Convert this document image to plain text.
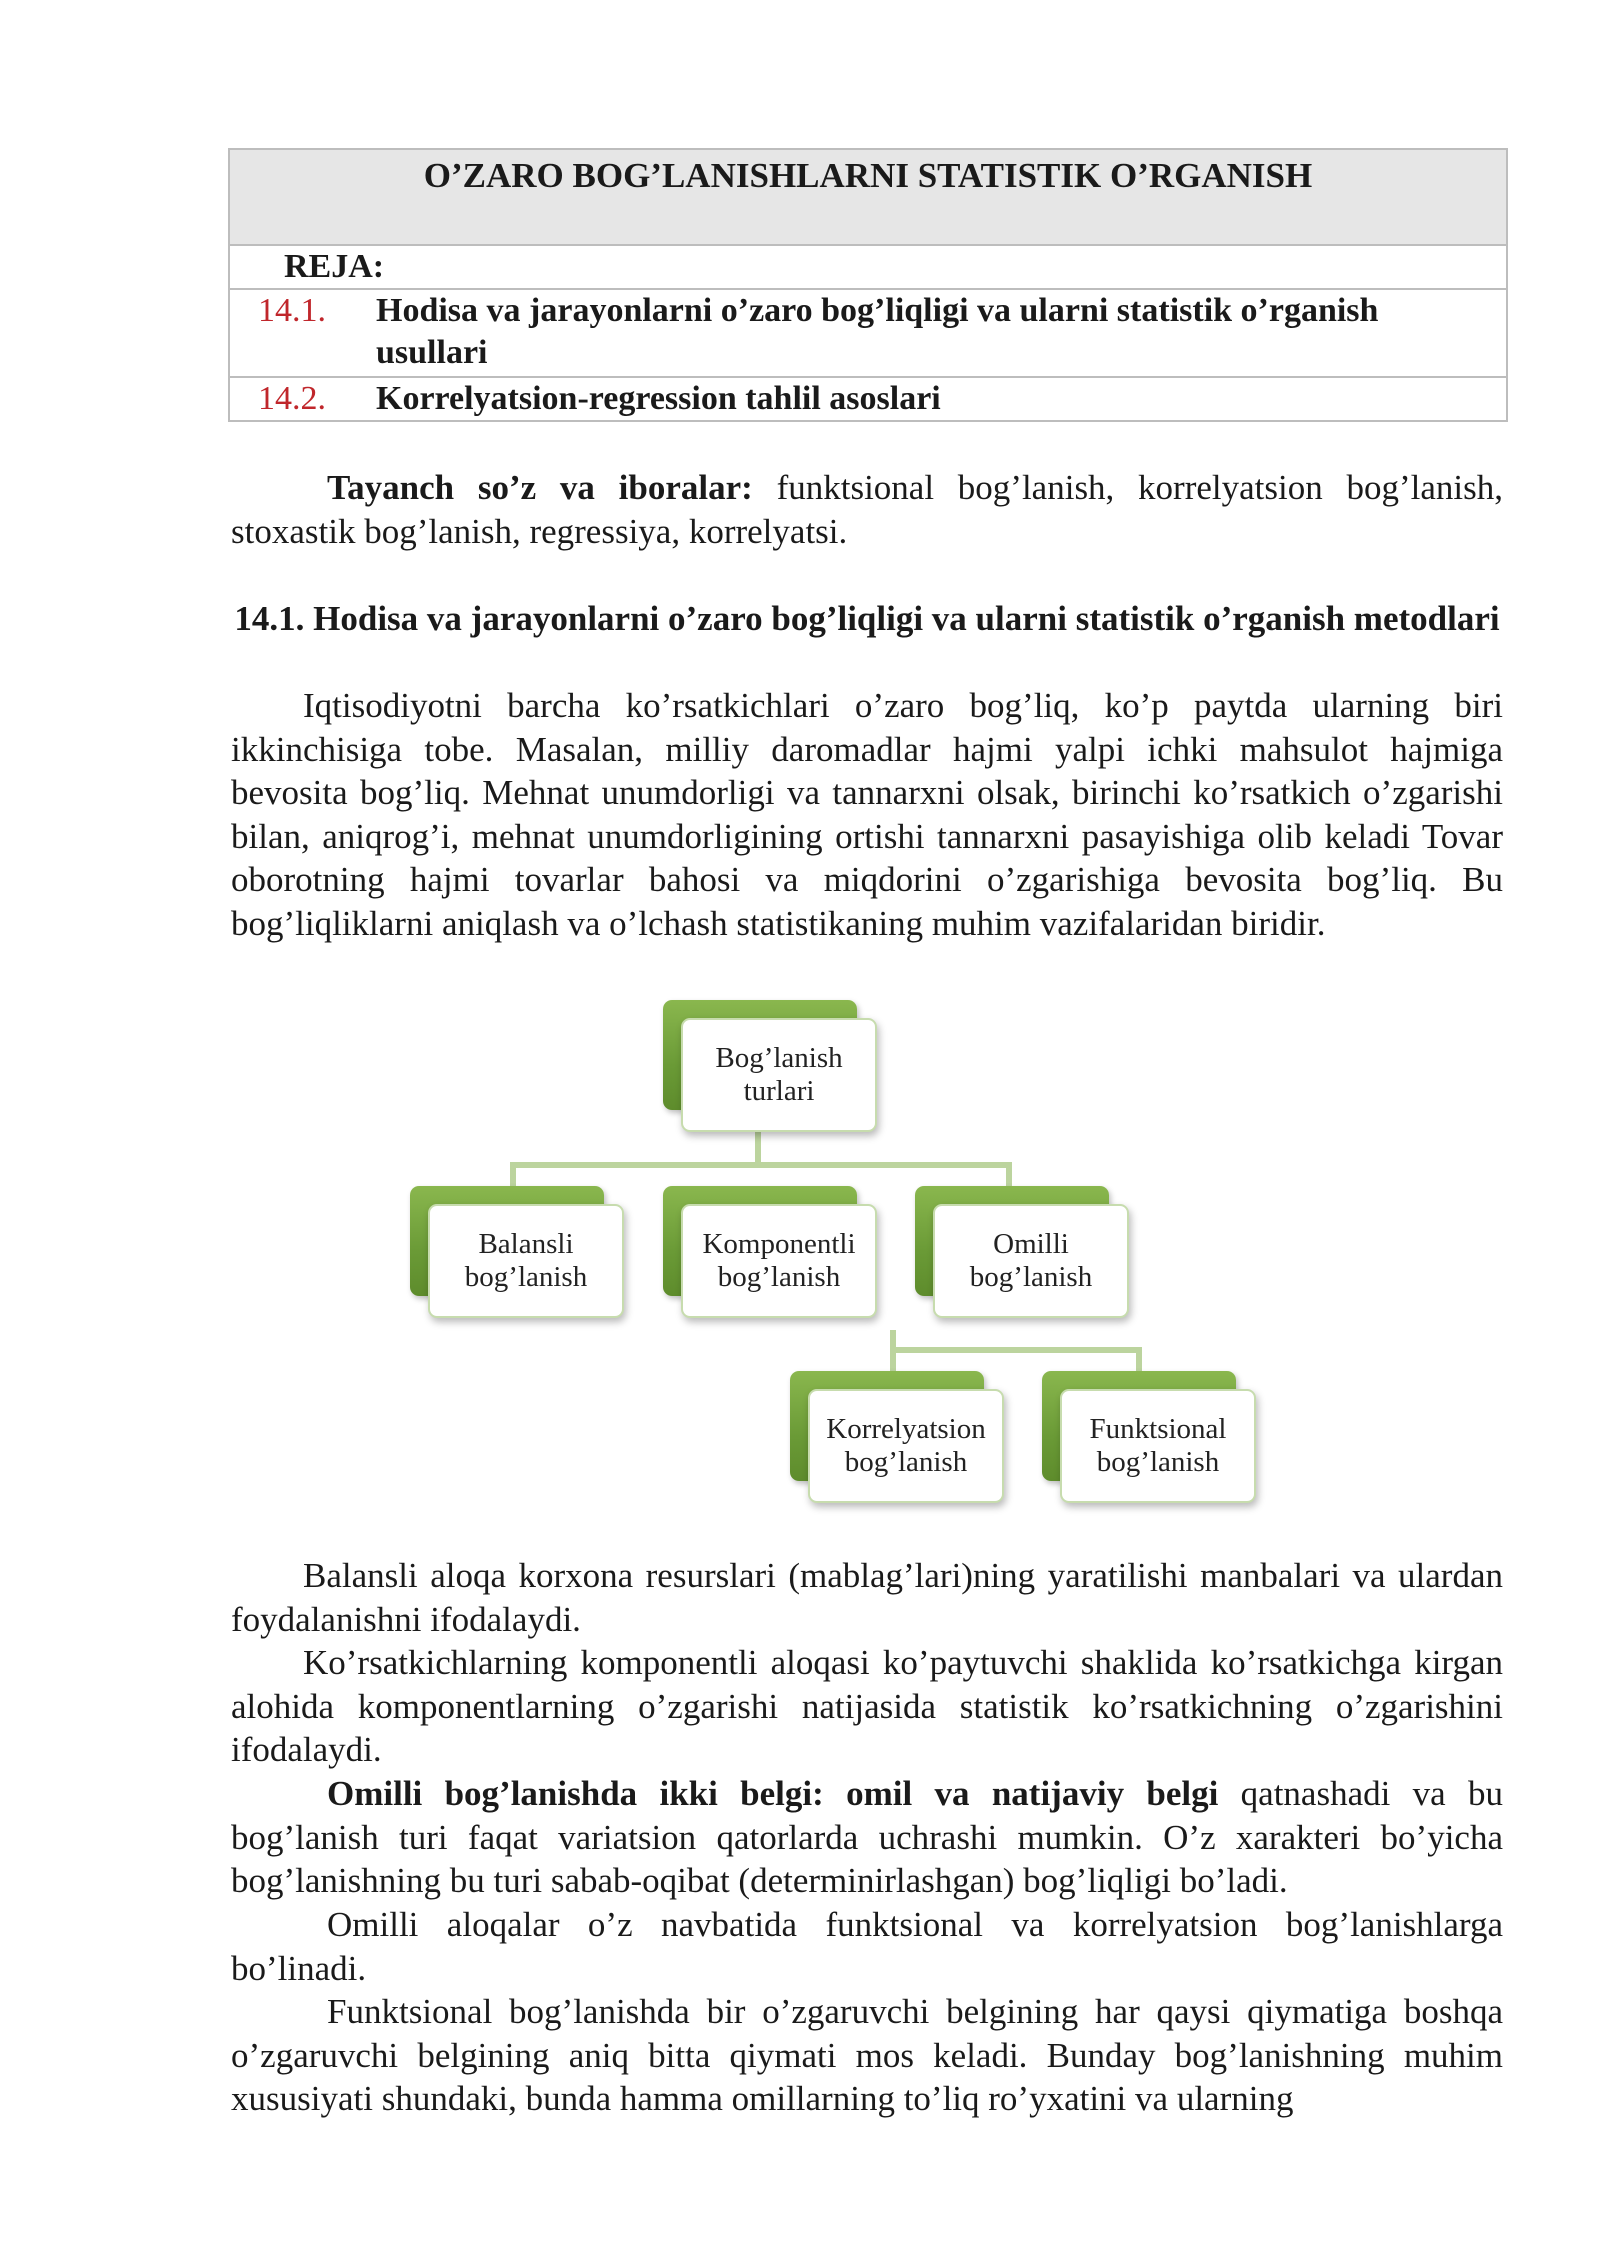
O’ZARO BOG’LANISHLARNI STATISTIK O’RGANISH
REJA:
14.1. Hodisa va jarayonlarni o’zaro bog’liqligi va ularni statistik o’rganish usullari
14.2. Korrelyatsion-regression tahlil asoslari

Tayanch so’z va iboralar: funktsional bog’lanish, korrelyatsion bog’lanish, stoxastik bog’lanish, regressiya, korrelyatsi.

14.1. Hodisa va jarayonlarni o’zaro bog’liqligi va ularni statistik o’rganish metodlari

Iqtisodiyotni barcha ko’rsatkichlari o’zaro bog’liq, ko’p paytda ularning biri ikkinchisiga tobe. Masalan, milliy daromadlar hajmi yalpi ichki mahsulot hajmiga bevosita bog’liq. Mehnat unumdorligi va tannarxni olsak, birinchi ko’rsatkich o’zgarishi bilan, aniqrog’i, mehnat unumdorligining ortishi tannarxni pasayishiga olib keladi Tovar oborotning hajmi tovarlar bahosi va miqdorini o’zgarishiga bevosita bog’liq. Bu bog’liqliklarni aniqlash va o’lchash statistikaning muhim vazifalaridan biridir.

Bog’lanish
turlari
Balansli
bog’lanish
Komponentli
bog’lanish
Omilli
bog’lanish
Korrelyatsion
bog’lanish
Funktsional
bog’lanish

Balansli aloqa korxona resurslari (mablag’lari)ning yaratilishi manbalari va ulardan foydalanishni ifodalaydi.

Ko’rsatkichlarning komponentli aloqasi ko’paytuvchi shaklida ko’rsatkichga kirgan alohida komponentlarning o’zgarishi natijasida statistik ko’rsatkichning o’zgarishini ifodalaydi.

Omilli bog’lanishda ikki belgi: omil va natijaviy belgi qatnashadi va bu bog’lanish turi faqat variatsion qatorlarda uchrashi mumkin. O’z xarakteri bo’yicha bog’lanishning bu turi sabab-oqibat (determinirlashgan) bog’liqligi bo’ladi.

Omilli aloqalar o’z navbatida funktsional va korrelyatsion bog’lanishlarga bo’linadi.

Funktsional bog’lanishda bir o’zgaruvchi belgining har qaysi qiymatiga boshqa o’zgaruvchi belgining aniq bitta qiymati mos keladi. Bunday bog’lanishning muhim xususiyati shundaki, bunda hamma omillarning to’liq ro’yxatini va ularning
